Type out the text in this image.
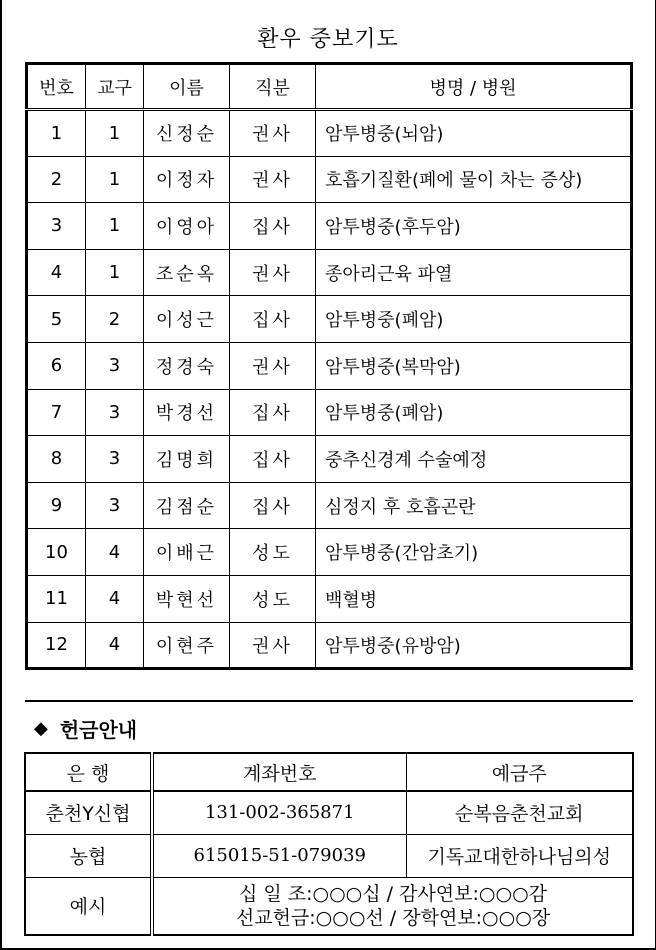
환우 중보기도
번호	교구	이름	직분	병명 / 병원
1	1	신정순	권사	암투병중(뇌암)
2	1	이정자	권사	호흡기질환(폐에 물이 차는 증상)
3	1	이영아	집사	암투병중(후두암)
4	1	조순옥	권사	종아리근육 파열
5	2	이성근	집사	암투병중(폐암)
6	3	정경숙	권사	암투병중(복막암)
7	3	박경선	집사	암투병중(폐암)
8	3	김명희	집사	중추신경계 수술예정
9	3	김점순	집사	심정지 후 호흡곤란
10	4	이배근	성도	암투병중(간암초기)
11	4	박현선	성도	백혈병
12	4	이현주	권사	암투병중(유방암)
◆ 헌금안내
은 행	계좌번호	예금주
춘천Y신협	131-002-365871	순복음춘천교회
농협	615015-51-079039	기독교대한하나님의성
예시	십 일 조:○○○십 / 감사연보:○○○감
선교헌금:○○○선 / 장학연보:○○○장	
